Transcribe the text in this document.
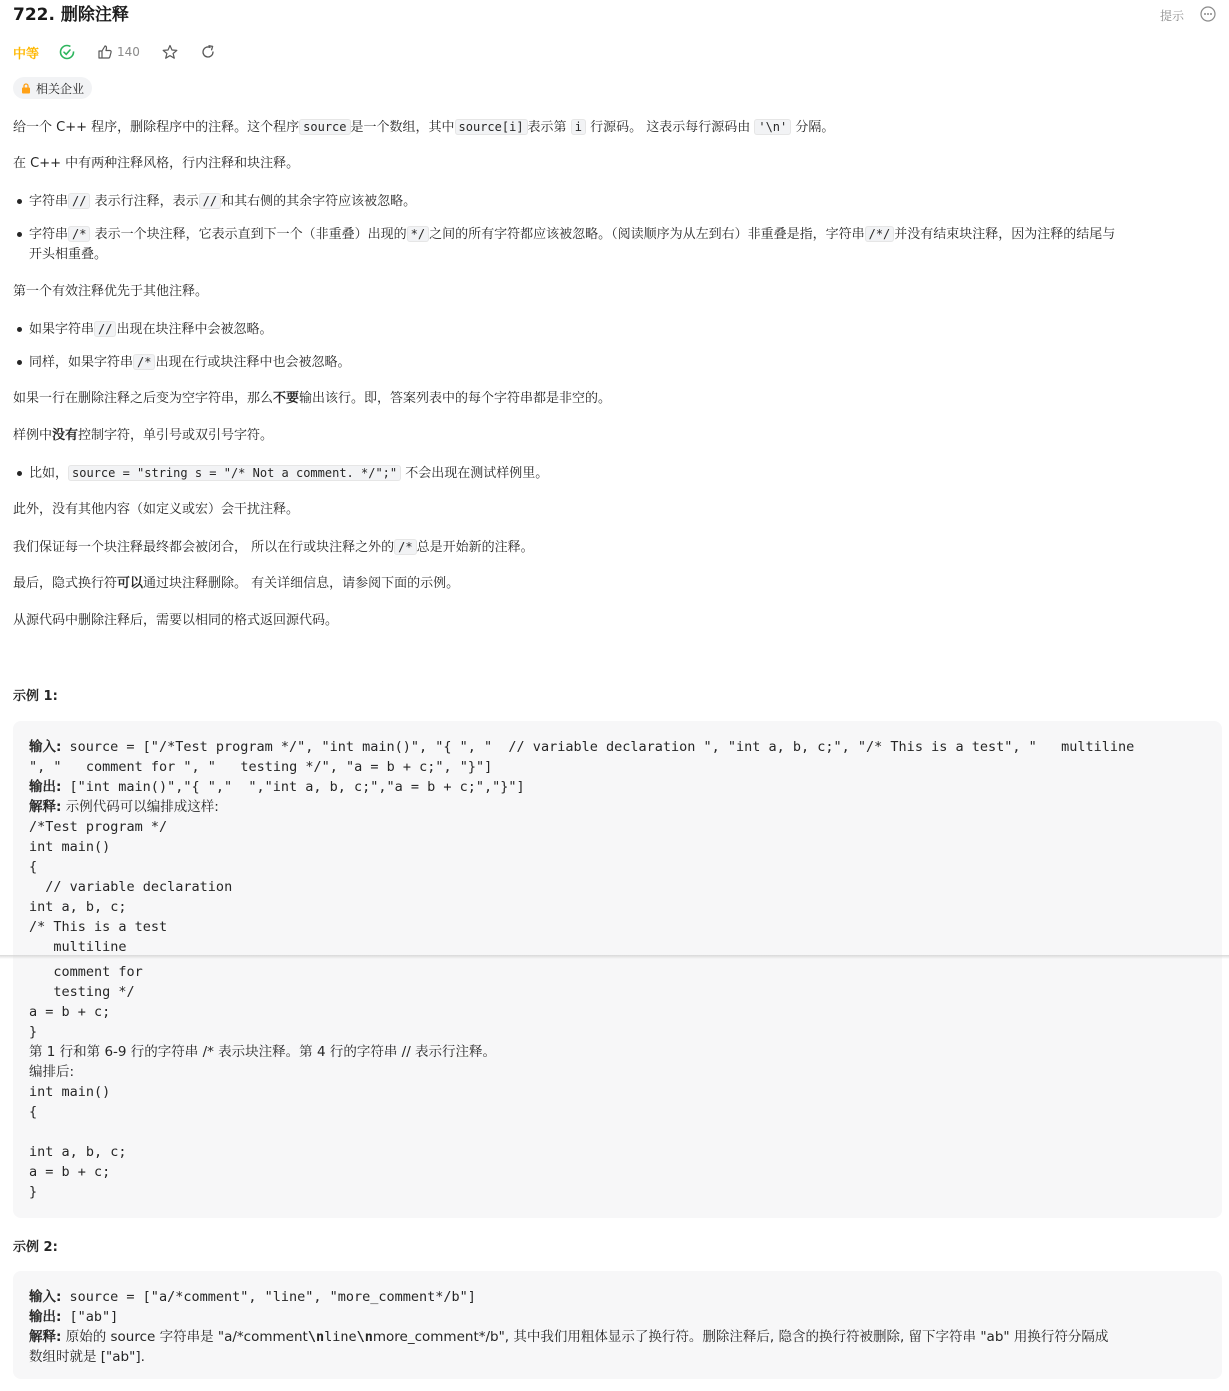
722. 删除注释	提示
中等	140
相关企业

给一个 C++ 程序，删除程序中的注释。这个程序 source 是一个数组，其中 source[i] 表示第 i 行源码。 这表示每行源码由 '\n' 分隔。

在 C++ 中有两种注释风格，行内注释和块注释。

字符串 // 表示行注释，表示 // 和其右侧的其余字符应该被忽略。

字符串 /* 表示一个块注释，它表示直到下一个（非重叠）出现的 */ 之间的所有字符都应该被忽略。（阅读顺序为从左到右）非重叠是指，字符串 /*/ 并没有结束块注释，因为注释的结尾与
开头相重叠。

第一个有效注释优先于其他注释。

如果字符串 // 出现在块注释中会被忽略。

同样，如果字符串 /* 出现在行或块注释中也会被忽略。

如果一行在删除注释之后变为空字符串，那么不要输出该行。即，答案列表中的每个字符串都是非空的。

样例中没有控制字符，单引号或双引号字符。

比如， source = "string s = "/* Not a comment. */";" 不会出现在测试样例里。

此外，没有其他内容（如定义或宏）会干扰注释。

我们保证每一个块注释最终都会被闭合， 所以在行或块注释之外的 /* 总是开始新的注释。

最后，隐式换行符可以通过块注释删除。 有关详细信息，请参阅下面的示例。

从源代码中删除注释后，需要以相同的格式返回源代码。

示例 1:

输入: source = ["/*Test program */", "int main()", "{ ", "  // variable declaration ", "int a, b, c;", "/* This is a test", "   multiline

", "   comment for ", "   testing */", "a = b + c;", "}"]

输出: ["int main()","{ ","  ","int a, b, c;","a = b + c;","}"]

解释: 示例代码可以编排成这样:

/*Test program */

int main()

{

// variable declaration

int a, b, c;

/* This is a test

multiline

comment for

testing */

a = b + c;

}

第 1 行和第 6-9 行的字符串 /* 表示块注释。第 4 行的字符串 // 表示行注释。

编排后:

int main()

{

int a, b, c;

a = b + c;

}

示例 2:

输入: source = ["a/*comment", "line", "more_comment*/b"]

输出: ["ab"]

解释: 原始的 source 字符串是 "a/*comment\nline\nmore_comment*/b", 其中我们用粗体显示了换行符。删除注释后, 隐含的换行符被删除, 留下字符串 "ab" 用换行符分隔成

数组时就是 ["ab"].
